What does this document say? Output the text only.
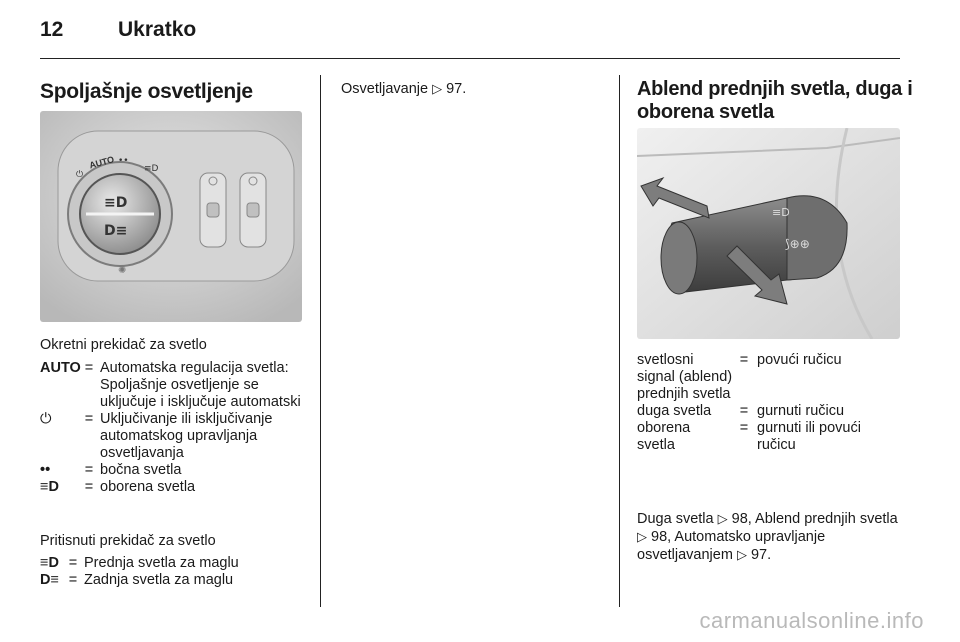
12	Ukratko
Spoljašnje osvetljenje
≡D
D≡
⏻
AUTO ••
≡D
✺
Okretni prekidač za svetlo
AUTO	=	Automatska regulacija svetla: Spoljašnje osvetljenje se uključuje i isključuje automatski
⏻	=	Uključivanje ili isključivanje automatskog upravljanja osvetljavanja
••	=	bočna svetla
≡D	=	oborena svetla
Pritisnuti prekidač za svetlo
≡D	=	Prednja svetla za maglu
D≡	=	Zadnja svetla za maglu
Osvetljavanje ▷ 97.	Ablend prednjih svetla, duga i
oborena svetla
≡D
⟆⊕⊕
svetlosni signal (ablend) prednjih svetla	=	povući ručicu
duga svetla	=	gurnuti ručicu
oborena svetla	=	gurnuti ili povući ručicu
Duga svetla ▷ 98, Ablend prednjih svetla ▷ 98, Automatsko upravljanje osvetljavanjem ▷ 97.
carmanualsonline.info
